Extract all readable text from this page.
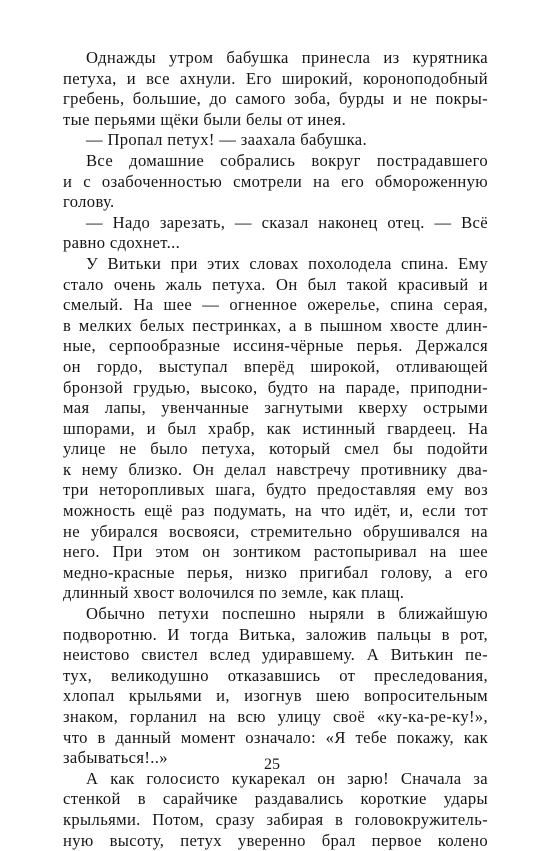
Однажды утром бабушка принесла из курятника
петуха, и все ахнули. Его широкий, короноподобный
гребень, большие, до самого зоба, бурды и не покры-
тые перьями щёки были белы от инея.
— Пропал петух! — заахала бабушка.
Все домашние собрались вокруг пострадавшего
и с озабоченностью смотрели на его обмороженную
голову.
— Надо зарезать, — сказал наконец отец. — Всё
равно сдохнет...
У Витьки при этих словах похолодела спина. Ему
стало очень жаль петуха. Он был такой красивый и
смелый. На шее — огненное ожерелье, спина серая,
в мелких белых пестринках, а в пышном хвосте длин-
ные, серпообразные иссиня-чёрные перья. Держался
он гордо, выступал вперёд широкой, отливающей
бронзой грудью, высоко, будто на параде, приподни-
мая лапы, увенчанные загнутыми кверху острыми
шпорами, и был храбр, как истинный гвардеец. На
улице не было петуха, который смел бы подойти
к нему близко. Он делал навстречу противнику два-
три неторопливых шага, будто предоставляя ему воз
можность ещё раз подумать, на что идёт, и, если тот
не убирался восвояси, стремительно обрушивался на
него. При этом он зонтиком растопыривал на шее
медно-красные перья, низко пригибал голову, а его
длинный хвост волочился по земле, как плащ.
Обычно петухи поспешно ныряли в ближайшую
подворотню. И тогда Витька, заложив пальцы в рот,
неистово свистел вслед удиравшему. А Витькин пе-
тух, великодушно отказавшись от преследования,
хлопал крыльями и, изогнув шею вопросительным
знаком, горланил на всю улицу своё «ку-ка-ре-ку!»,
что в данный момент означало: «Я тебе покажу, как
забываться!..»
А как голосисто кукарекал он зарю! Сначала за
стенкой в сарайчике раздавались короткие удары
крыльями. Потом, сразу забирая в головокружитель-
ную высоту, петух уверенно брал первое колено
25
